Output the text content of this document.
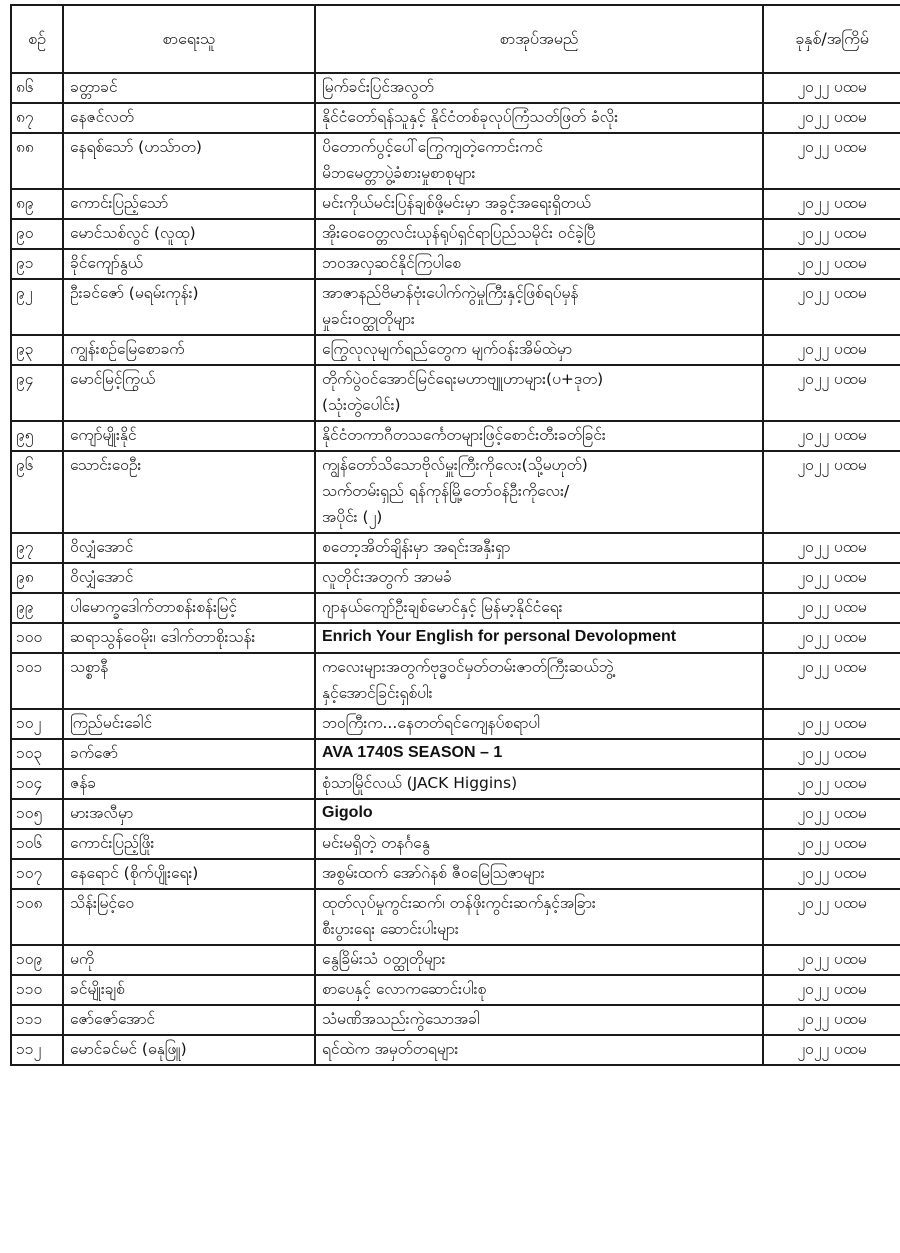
စဉ်	စာရေးသူ	စာအုပ်အမည်	ခုနှစ်/အကြိမ်
၈၆	ခတ္တာခင်	မြက်ခင်းပြင်အလွတ်	၂၀၂၂ ပထမ
၈၇	နေဇင်လတ်	နိုင်ငံတော်ရန်သူနှင့် နိုင်ငံတစ်ခုလုပ်ကြံသတ်ဖြတ် ခံလိုး	၂၀၂၂ ပထမ
၈၈	နေရစ်သော် (ဟသ်ာတ)	ပိတောက်ပွင့်ပေါ်ကြွေကျတဲ့ကောင်းကင်
မိဘမေတ္တာပွဲ့ခံစားမှုစာစုများ	၂၀၂၂ ပထမ
၈၉	ကောင်းပြည့်သော်	မင်းကိုယ်မင်းပြန်ချစ်ဖို့မင်းမှာ အခွင့်အရေးရှိတယ်	၂၀၂၂ ပထမ
၉၀	မောင်သစ်လွင် (လူထု)	အိုးဝေဝေတ္တလင်းယုန်ရုပ်ရှင်ရာပြည်သမိုင်း ဝင်ခဲ့ပြီ	၂၀၂၂ ပထမ
၉၁	ခိုင်ကျော်နွယ်	ဘဝအလှဆင်နိုင်ကြပါစေ	၂၀၂၂ ပထမ
၉၂	ဦးခင်ဇော် (မရမ်းကုန်း)	အာဇာနည်ဗိမာန်ဗုံးပေါက်ကွဲမှုကြီးနှင့်ဖြစ်ရပ်မှန်
မှုခင်းဝတ္ထုတိုများ	၂၀၂၂ ပထမ
၉၃	ကျွန်းစဉ်မြေစောခက်	ကြွေလုလုမျက်ရည်တွေက မျက်ဝန်းအိမ်ထဲမှာ	၂၀၂၂ ပထမ
၉၄	မောင်မြင့်ကြွယ်	တိုက်ပွဲဝင်အောင်မြင်ရေးမဟာဗျူဟာများ(ပ+ဒုတ)
(သုံးတွဲပေါင်း)	၂၀၂၂ ပထမ
၉၅	ကျော်မျိုးနိုင်	နိုင်ငံတကာဂီတသင်္ကေတများဖြင့်စောင်းတီးခတ်ခြင်း	၂၀၂၂ ပထမ
၉၆	သောင်းဝေဦး	ကျွန်တော်သိသောဗိုလ်မှူးကြီးကိုလေး(သို့မဟုတ်)
သက်တမ်းရှည် ရန်ကုန်မြို့တော်ဝန်ဦးကိုလေး/
အပိုင်း (၂)	၂၀၂၂ ပထမ
၉၇	ဝိလျှံအောင်	စတော့အိတ်ချိန်းမှာ အရင်းအနှီးရှာ	၂၀၂၂ ပထမ
၉၈	ဝိလျှံအောင်	လူတိုင်းအတွက် အာမခံ	၂၀၂၂ ပထမ
၉၉	ပါမောက္ခဒေါက်တာစန်းစန်းမြင့်	ဂျာနယ်ကျော်ဦးချစ်မောင်နှင့် မြန်မာ့နိုင်ငံရေး	၂၀၂၂ ပထမ
၁၀၀	ဆရာသွန်ဝေမိုး၊ ဒေါက်တာစိုးသန်း	Enrich Your English for personal Devolopment	၂၀၂၂ ပထမ
၁၀၁	သစ္စာနီ	ကလေးများအတွက်ဗုဒ္ဓဝင်မှတ်တမ်းဇာတ်ကြီးဆယ်ဘွဲ့
နှင့်အောင်ခြင်းရှစ်ပါး	၂၀၂၂ ပထမ
၁၀၂	ကြည်မင်းခေါင်	ဘဝကြီးက...နေတတ်ရင်ကျေနပ်စရာပါ	၂၀၂၂ ပထမ
၁၀၃	ခက်ဇော်	AVA 1740S SEASON – 1	၂၀၂၂ ပထမ
၁၀၄	ဇန်ခ	စုံသာမြိုင်လယ် (JACK Higgins)	၂၀၂၂ ပထမ
၁၀၅	မားအလီမှာ	Gigolo	၂၀၂၂ ပထမ
၁၀၆	ကောင်းပြည့်ဖြိုး	မင်းမရှိတဲ့ တနင်္ဂနွေ	၂၀၂၂ ပထမ
၁၀၇	နေရောင် (စိုက်ပျိုးရေး)	အစွမ်းထက် အော်ဂဲနစ် ဇီဝမြေဩဇာများ	၂၀၂၂ ပထမ
၁၀၈	သိန်းမြင့်ဝေ	ထုတ်လုပ်မှုကွင်းဆက်၊ တန်ဖိုးကွင်းဆက်နှင့်အခြား
စီးပွားရေး ဆောင်းပါးများ	၂၀၂၂ ပထမ
၁၀၉	မကို	နွေခြိမ်းသံ ဝတ္ထုတိုများ	၂၀၂၂ ပထမ
၁၁၀	ခင်မျိုးချစ်	စာပေနှင့် လောကဆောင်းပါးစု	၂၀၂၂ ပထမ
၁၁၁	ဇော်ဇော်အောင်	သံမဏိအသည်းကွဲသောအခါ	၂၀၂၂ ပထမ
၁၁၂	မောင်ခင်မင် (ဓနုဖြူ)	ရင်ထဲက အမှတ်တရများ	၂၀၂၂ ပထမ
